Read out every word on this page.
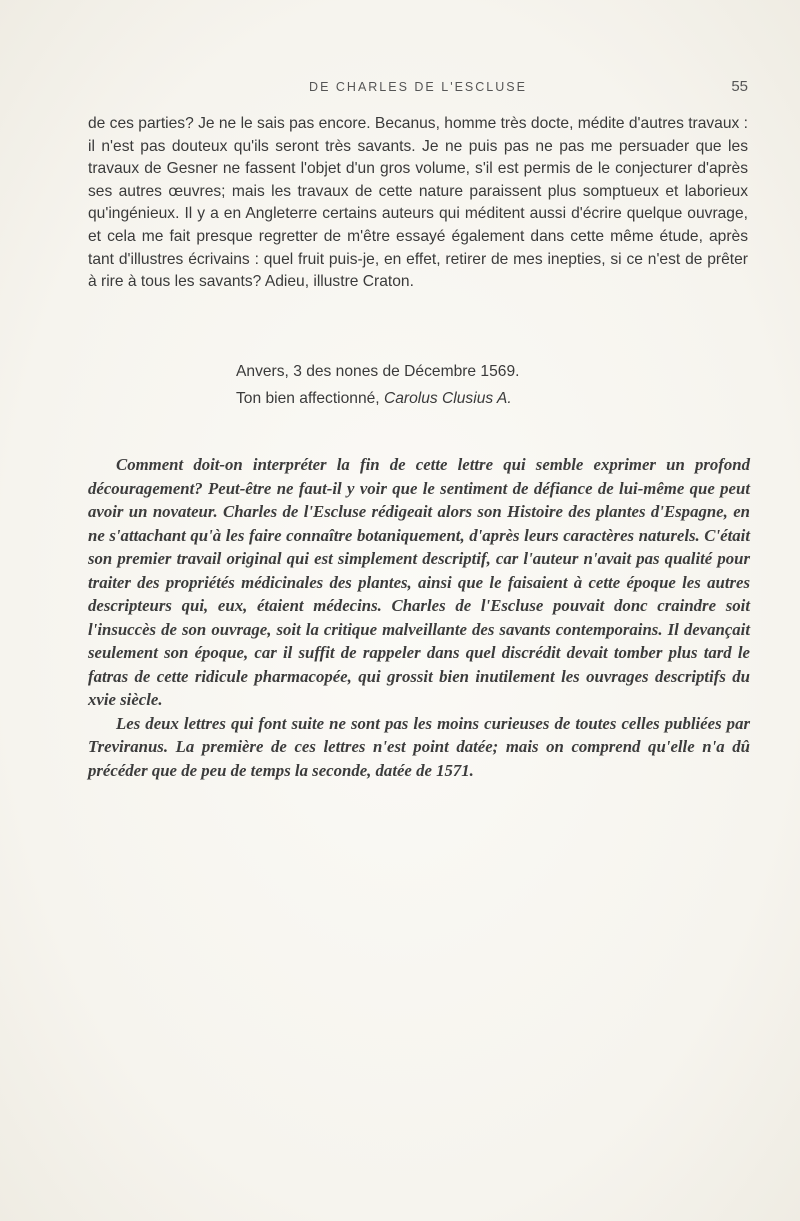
DE CHARLES DE L'ESCLUSE	55

de ces parties? Je ne le sais pas encore. Becanus, homme très docte, médite d'autres travaux : il n'est pas douteux qu'ils seront très savants. Je ne puis pas ne pas me persuader que les travaux de Gesner ne fassent l'objet d'un gros volume, s'il est permis de le conjecturer d'après ses autres œuvres; mais les travaux de cette nature paraissent plus somptueux et laborieux qu'ingénieux. Il y a en Angleterre certains auteurs qui méditent aussi d'écrire quelque ouvrage, et cela me fait presque regretter de m'être essayé également dans cette même étude, après tant d'illustres écrivains : quel fruit puis-je, en effet, retirer de mes inepties, si ce n'est de prêter à rire à tous les savants? Adieu, illustre Craton.

Anvers, 3 des nones de Décembre 1569.
Ton bien affectionné, Carolus Clusius A.

Comment doit-on interpréter la fin de cette lettre qui semble exprimer un profond découragement? Peut-être ne faut-il y voir que le sentiment de défiance de lui-même que peut avoir un novateur. Charles de l'Escluse rédigeait alors son Histoire des plantes d'Espagne, en ne s'attachant qu'à les faire connaître botaniquement, d'après leurs caractères naturels. C'était son premier travail original qui est simplement descriptif, car l'auteur n'avait pas qualité pour traiter des propriétés médicinales des plantes, ainsi que le faisaient à cette époque les autres descripteurs qui, eux, étaient médecins. Charles de l'Escluse pouvait donc craindre soit l'insuccès de son ouvrage, soit la critique malveillante des savants contemporains. Il devançait seulement son époque, car il suffit de rappeler dans quel discrédit devait tomber plus tard le fatras de cette ridicule pharmacopée, qui grossit bien inutilement les ouvrages descriptifs du xvie siècle.

Les deux lettres qui font suite ne sont pas les moins curieuses de toutes celles publiées par Treviranus. La première de ces lettres n'est point datée; mais on comprend qu'elle n'a dû précéder que de peu de temps la seconde, datée de 1571.
